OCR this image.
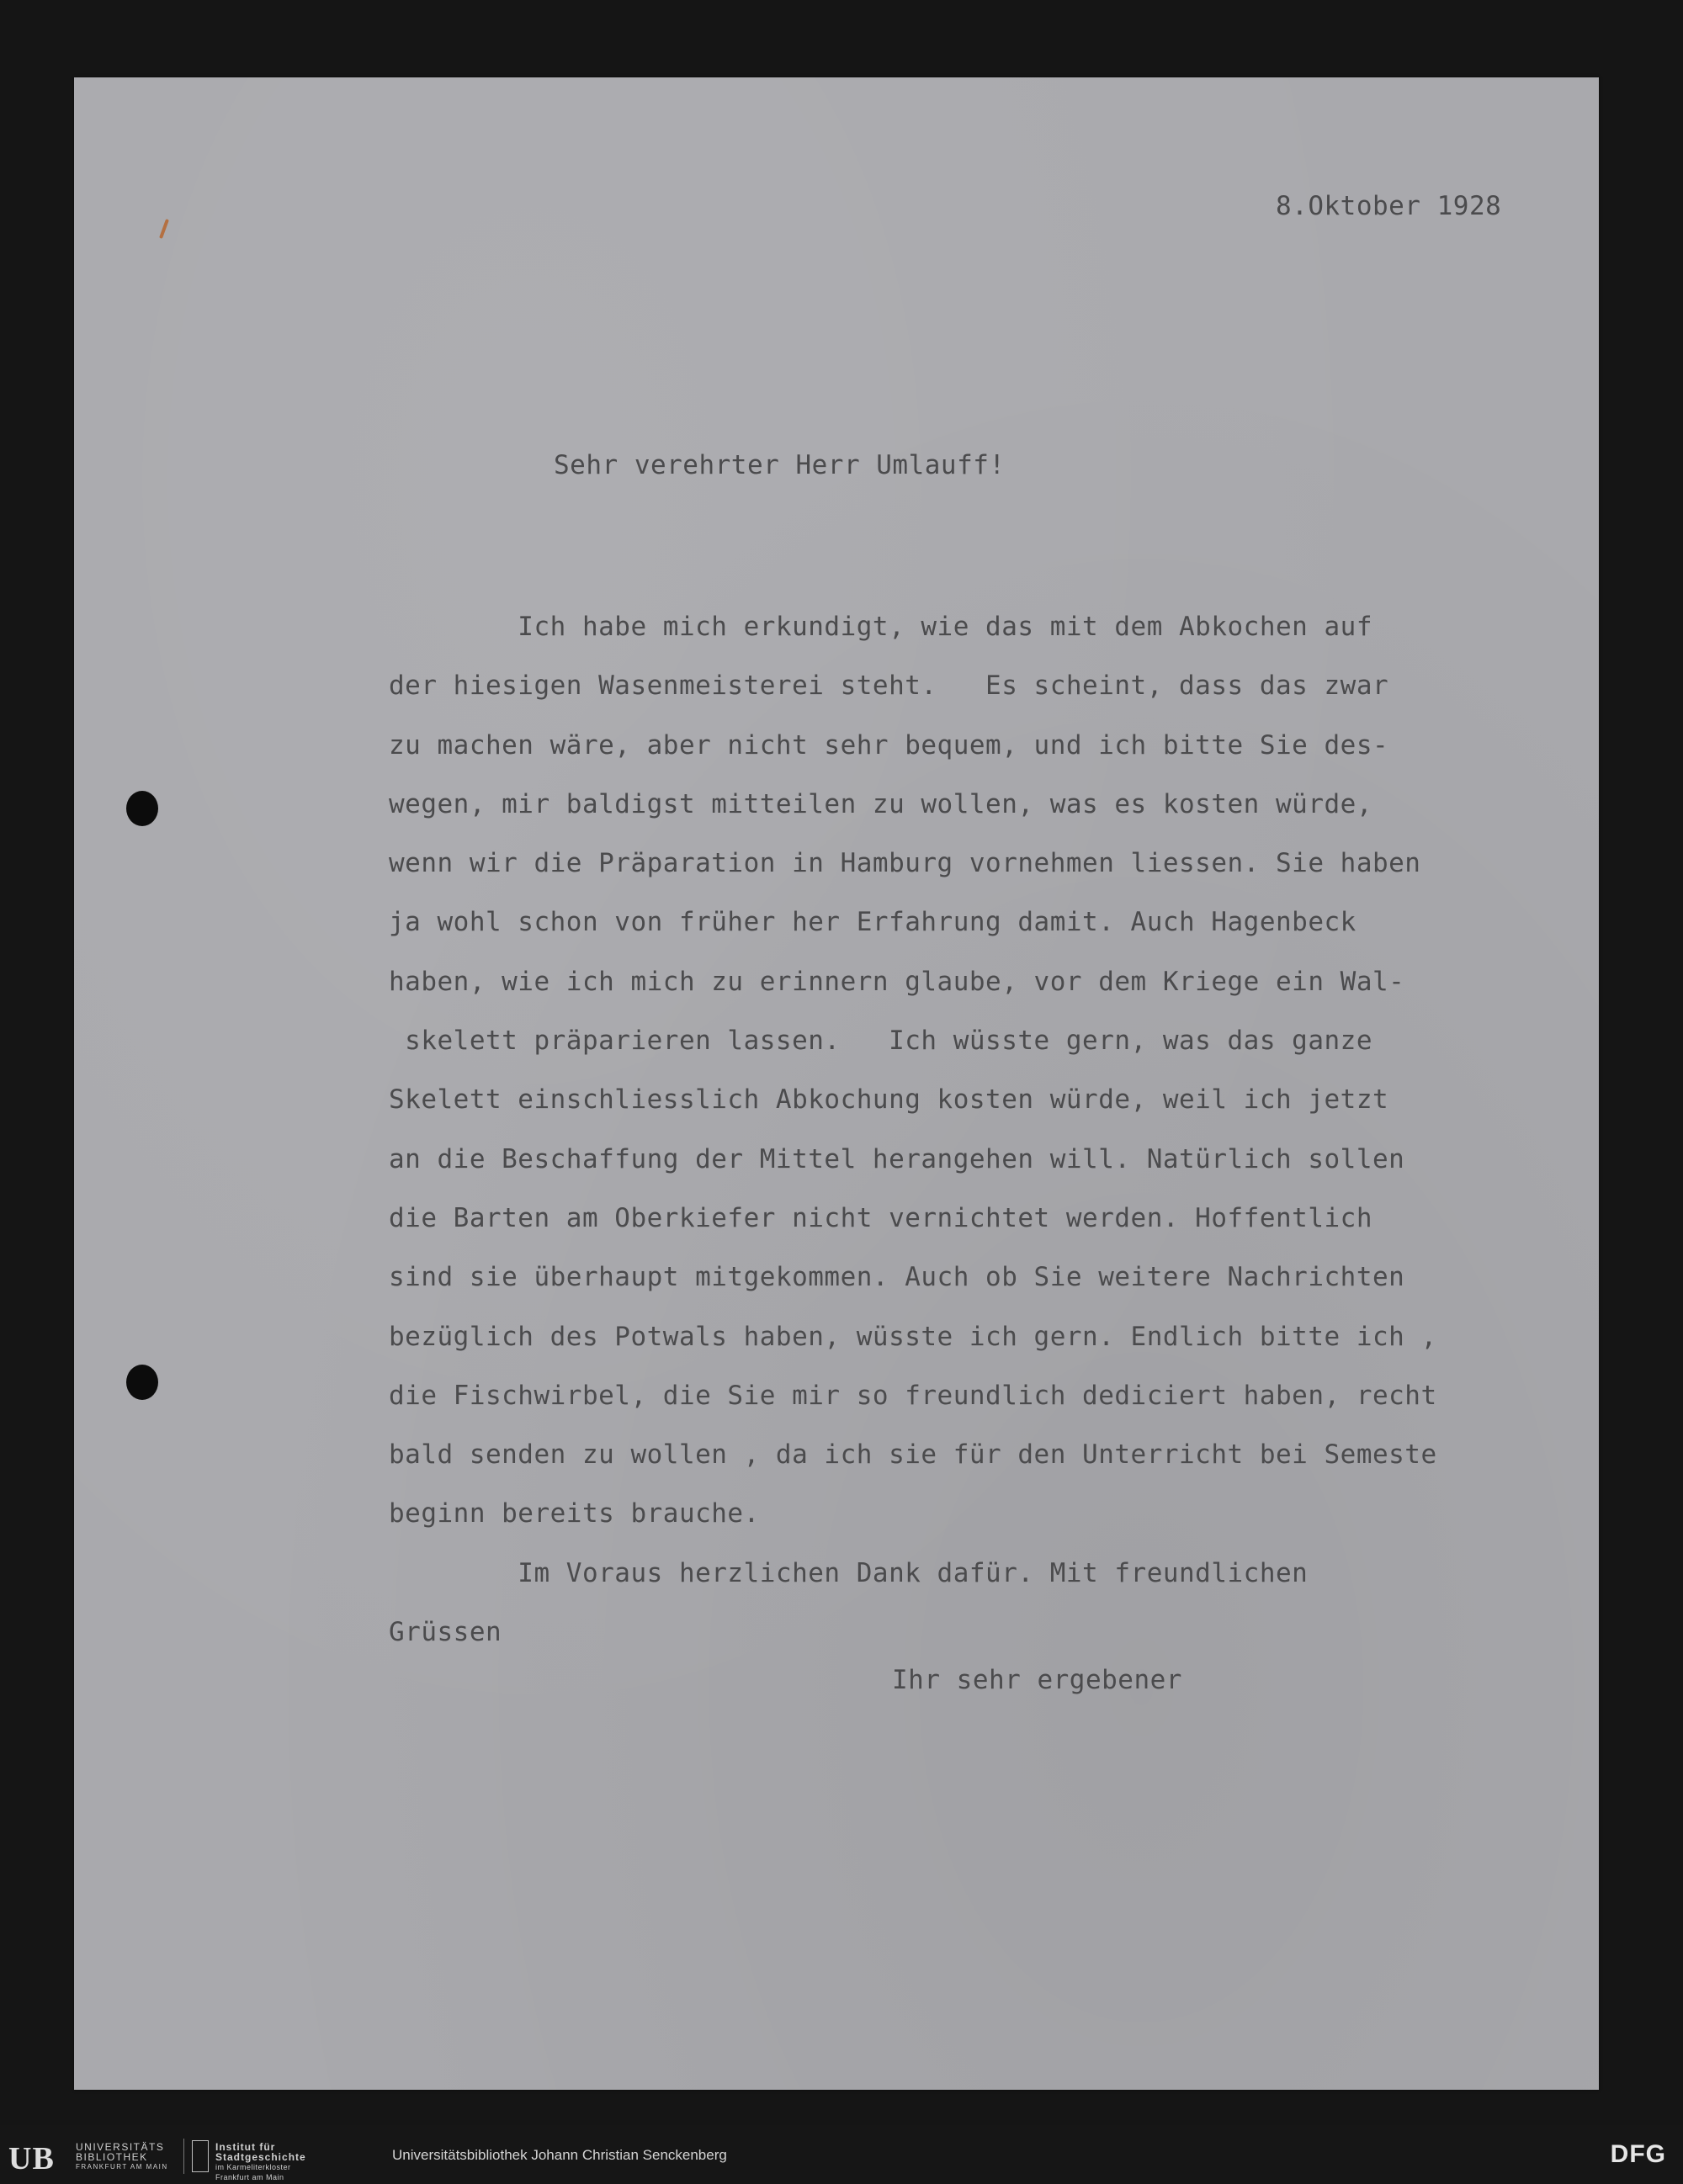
8.Oktober 1928
Sehr verehrter Herr Umlauff!
Ich habe mich erkundigt, wie das mit dem Abkochen auf
der hiesigen Wasenmeisterei steht.   Es scheint, dass das zwar
zu machen wäre, aber nicht sehr bequem, und ich bitte Sie des-
wegen, mir baldigst mitteilen zu wollen, was es kosten würde,
wenn wir die Präparation in Hamburg vornehmen liessen. Sie haben
ja wohl schon von früher her Erfahrung damit. Auch Hagenbeck
haben, wie ich mich zu erinnern glaube, vor dem Kriege ein Wal-
skelett präparieren lassen.   Ich wüsste gern, was das ganze
Skelett einschliesslich Abkochung kosten würde, weil ich jetzt
an die Beschaffung der Mittel herangehen will. Natürlich sollen
die Barten am Oberkiefer nicht vernichtet werden. Hoffentlich
sind sie überhaupt mitgekommen. Auch ob Sie weitere Nachrichten
bezüglich des Potwals haben, wüsste ich gern. Endlich bitte ich ,
die Fischwirbel, die Sie mir so freundlich dediciert haben, recht
bald senden zu wollen , da ich sie für den Unterricht bei Semeste
beginn bereits brauche.
Im Voraus herzlichen Dank dafür. Mit freundlichen
Grüssen
Ihr sehr ergebener
UB UNIVERSITÄTS
BIBLIOTHEK
FRANKFURT AM MAIN
Institut für
Stadtgeschichte
im Karmeliterkloster
Frankfurt am Main
Universitätsbibliothek Johann Christian Senckenberg	DFG
